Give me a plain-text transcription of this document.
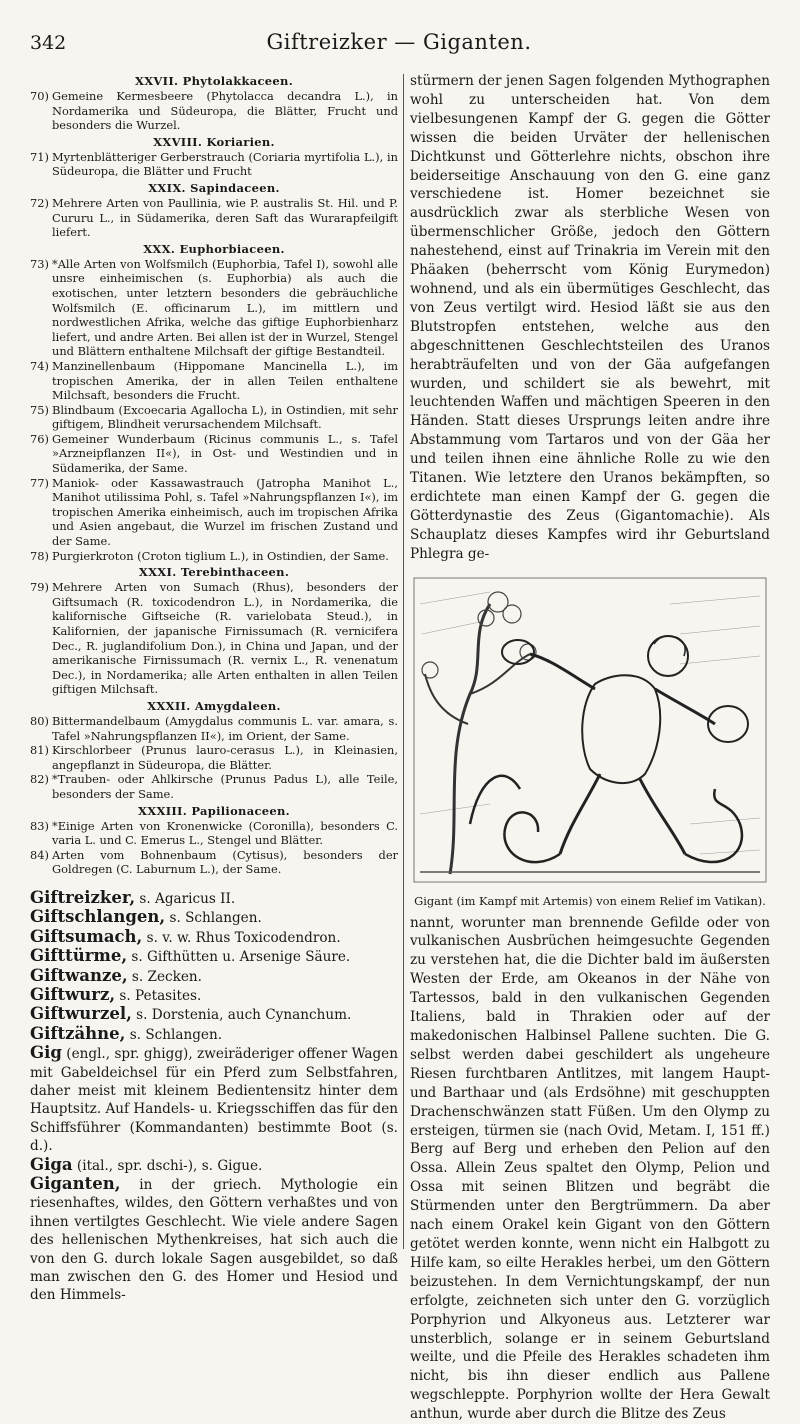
342	Giftreizker — Giganten.
XXVII. Phytolakkaceen.
70) Gemeine Kermesbeere (Phytolacca decandra L.), in Nordamerika und Südeuropa, die Blätter, Frucht und besonders die Wurzel.
XXVIII. Koriarien.
71) Myrtenblätteriger Gerberstrauch (Coriaria myrtifolia L.), in Südeuropa, die Blätter und Frucht
XXIX. Sapindaceen.
72) Mehrere Arten von Paullinia, wie P. australis St. Hil. und P. Cururu L., in Südamerika, deren Saft das Wurarapfeilgift liefert.
XXX. Euphorbiaceen.
73) *Alle Arten von Wolfsmilch (Euphorbia, Tafel I), sowohl alle unsre einheimischen (s. Euphorbia) als auch die exotischen, unter letztern besonders die gebräuchliche Wolfsmilch (E. officinarum L.), im mittlern und nordwestlichen Afrika, welche das giftige Euphorbienharz liefert, und andre Arten. Bei allen ist der in Wurzel, Stengel und Blättern enthaltene Milchsaft der giftige Bestandteil.
74) Manzinellenbaum (Hippomane Mancinella L.), im tropischen Amerika, der in allen Teilen enthaltene Milchsaft, besonders die Frucht.
75) Blindbaum (Excoecaria Agallocha L), in Ostindien, mit sehr giftigem, Blindheit verursachendem Milchsaft.
76) Gemeiner Wunderbaum (Ricinus communis L., s. Tafel »Arzneipflanzen II«), in Ost- und Westindien und in Südamerika, der Same.
77) Maniok- oder Kassawastrauch (Jatropha Manihot L., Manihot utilissima Pohl, s. Tafel »Nahrungspflanzen I«), im tropischen Amerika einheimisch, auch im tropischen Afrika und Asien angebaut, die Wurzel im frischen Zustand und der Same.
78) Purgierkroton (Croton tiglium L.), in Ostindien, der Same.
XXXI. Terebinthaceen.
79) Mehrere Arten von Sumach (Rhus), besonders der Giftsumach (R. toxicodendron L.), in Nordamerika, die kalifornische Giftseiche (R. varielobata Steud.), in Kalifornien, der japanische Firnissumach (R. vernicifera Dec., R. juglandifolium Don.), in China und Japan, und der amerikanische Firnissumach (R. vernix L., R. venenatum Dec.), in Nordamerika; alle Arten enthalten in allen Teilen giftigen Milchsaft.
XXXII. Amygdaleen.
80) Bittermandelbaum (Amygdalus communis L. var. amara, s. Tafel »Nahrungspflanzen II«), im Orient, der Same.
81) Kirschlorbeer (Prunus lauro-cerasus L.), in Kleinasien, angepflanzt in Südeuropa, die Blätter.
82) *Trauben- oder Ahlkirsche (Prunus Padus L), alle Teile, besonders der Same.
XXXIII. Papilionaceen.
83) *Einige Arten von Kronenwicke (Coronilla), besonders C. varia L. und C. Emerus L., Stengel und Blätter.
84) Arten vom Bohnenbaum (Cytisus), besonders der Goldregen (C. Laburnum L.), der Same.
Giftreizker, s. Agaricus II.
Giftschlangen, s. Schlangen.
Giftsumach, s. v. w. Rhus Toxicodendron.
Gifttürme, s. Gifthütten u. Arsenige Säure.
Giftwanze, s. Zecken.
Giftwurz, s. Petasites.
Giftwurzel, s. Dorstenia, auch Cynanchum.
Giftzähne, s. Schlangen.
Gig (engl., spr. ghigg), zweiräderiger offener Wagen mit Gabeldeichsel für ein Pferd zum Selbstfahren, daher meist mit kleinem Bedientensitz hinter dem Hauptsitz. Auf Handels- u. Kriegsschiffen das für den Schiffsführer (Kommandanten) bestimmte Boot (s. d.).
Giga (ital., spr. dschi-), s. Gigue.
Giganten, in der griech. Mythologie ein riesenhaftes, wildes, den Göttern verhaßtes und von ihnen vertilgtes Geschlecht. Wie viele andere Sagen des hellenischen Mythenkreises, hat sich auch die von den G. durch lokale Sagen ausgebildet, so daß man zwischen den G. des Homer und Hesiod und den Himmels-
stürmern der jenen Sagen folgenden Mythographen wohl zu unterscheiden hat. Von dem vielbesungenen Kampf der G. gegen die Götter wissen die beiden Urväter der hellenischen Dichtkunst und Götterlehre nichts, obschon ihre beiderseitige Anschauung von den G. eine ganz verschiedene ist. Homer bezeichnet sie ausdrücklich zwar als sterbliche Wesen von übermenschlicher Größe, jedoch den Göttern nahestehend, einst auf Trinakria im Verein mit den Phäaken (beherrscht vom König Eurymedon) wohnend, und als ein übermütiges Geschlecht, das von Zeus vertilgt wird. Hesiod läßt sie aus den Blutstropfen entstehen, welche aus den abgeschnittenen Geschlechtsteilen des Uranos herabträufelten und von der Gäa aufgefangen wurden, und schildert sie als bewehrt, mit leuchtenden Waffen und mächtigen Speeren in den Händen. Statt dieses Ursprungs leiten andre ihre Abstammung vom Tartaros und von der Gäa her und teilen ihnen eine ähnliche Rolle zu wie den Titanen. Wie letztere den Uranos bekämpften, so erdichtete man einen Kampf der G. gegen die Götterdynastie des Zeus (Gigantomachie). Als Schauplatz dieses Kampfes wird ihr Geburtsland Phlegra ge-
Gigant (im Kampf mit Artemis) von einem Relief im Vatikan).
nannt, worunter man brennende Gefilde oder von vulkanischen Ausbrüchen heimgesuchte Gegenden zu verstehen hat, die die Dichter bald im äußersten Westen der Erde, am Okeanos in der Nähe von Tartessos, bald in den vulkanischen Gegenden Italiens, bald in Thrakien oder auf der makedonischen Halbinsel Pallene suchten. Die G. selbst werden dabei geschildert als ungeheure Riesen furchtbaren Antlitzes, mit langem Haupt- und Barthaar und (als Erdsöhne) mit geschuppten Drachenschwänzen statt Füßen. Um den Olymp zu ersteigen, türmen sie (nach Ovid, Metam. I, 151 ff.) Berg auf Berg und erheben den Pelion auf den Ossa. Allein Zeus spaltet den Olymp, Pelion und Ossa mit seinen Blitzen und begräbt die Stürmenden unter den Bergtrümmern. Da aber nach einem Orakel kein Gigant von den Göttern getötet werden konnte, wenn nicht ein Halbgott zu Hilfe kam, so eilte Herakles herbei, um den Göttern beizustehen. In dem Vernichtungskampf, der nun erfolgte, zeichneten sich unter den G. vorzüglich Porphyrion und Alkyoneus aus. Letzterer war unsterblich, solange er in seinem Geburtsland weilte, und die Pfeile des Herakles schadeten ihm nicht, bis ihn dieser endlich aus Pallene wegschleppte. Porphyrion wollte der Hera Gewalt anthun, wurde aber durch die Blitze des Zeus
